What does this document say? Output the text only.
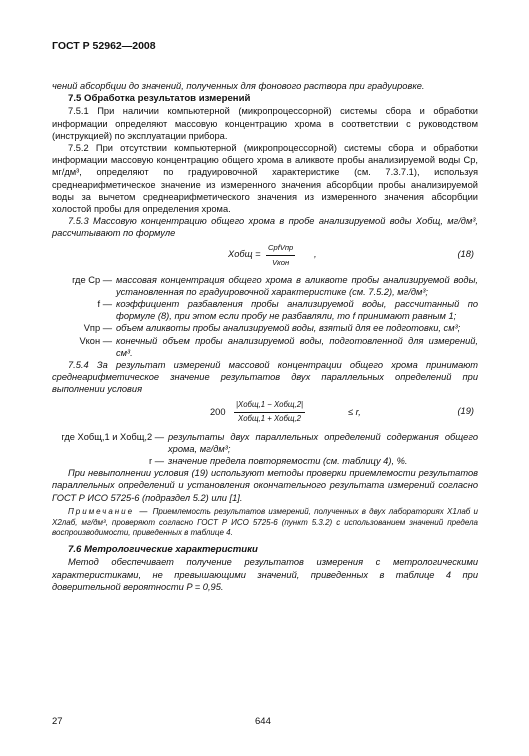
ГОСТ Р 52962—2008

чений абсорбции до значений, полученных для фонового раствора при градуировке.

7.5 Обработка результатов измерений

7.5.1 При наличии компьютерной (микропроцессорной) системы сбора и обработки информации определяют массовую концентрацию хрома в соответствии с руководством (инструкцией) по эксплуатации прибора.

7.5.2 При отсутствии компьютерной (микропроцессорной) системы сбора и обработки информации массовую концентрацию общего хрома в аликвоте пробы анализируемой воды Cр, мг/дм³, определяют по градуировочной характеристике (см. 7.3.7.1), используя среднеарифметическое значение из измеренного значения абсорбции пробы анализируемой воды за вычетом среднеарифметического значения из измеренного значения абсорбции холостой пробы для определения хрома.

7.5.3 Массовую концентрацию общего хрома в пробе анализируемой воды Xобщ, мг/дм³, рассчитывают по формуле

Xобщ =
CрfVпр
Vкон
,	(18)
где Cр — массовая концентрация общего хрома в аликвоте пробы анализируемой воды, установленная по градуировочной характеристике (см. 7.5.2), мг/дм³;
f — коэффициент разбавления пробы анализируемой воды, рассчитанный по формуле (8), при этом если пробу не разбавляли, то f принимают равным 1;
Vпр — объем аликвоты пробы анализируемой воды, взятый для ее подготовки, см³;
Vкон — конечный объем пробы анализируемой воды, подготовленной для измерений, см³.

7.5.4 За результат измерений массовой концентрации общего хрома принимают среднеарифметическое значение результатов двух параллельных определений при выполнении условия

200
|Xобщ,1 − Xобщ,2|
Xобщ,1 + Xобщ,2
≤ r,	(19)
где Xобщ,1 и Xобщ,2 — результаты двух параллельных определений содержания общего хрома, мг/дм³;
r — значение предела повторяемости (см. таблицу 4), %.

При невыполнении условия (19) используют методы проверки приемлемости результатов параллельных определений и установления окончательного результата измерений согласно ГОСТ Р ИСО 5725-6 (подраздел 5.2) или [1].

Примечание — Приемлемость результатов измерений, полученных в двух лабораториях X1лаб и X2лаб, мг/дм³, проверяют согласно ГОСТ Р ИСО 5725-6 (пункт 5.3.2) с использованием значений предела воспроизводимости, приведенных в таблице 4.

7.6 Метрологические характеристики

Метод обеспечивает получение результатов измерения с метрологическими характеристиками, не превышающими значений, приведенных в таблице 4 при доверительной вероятности P = 0,95.

27	644
